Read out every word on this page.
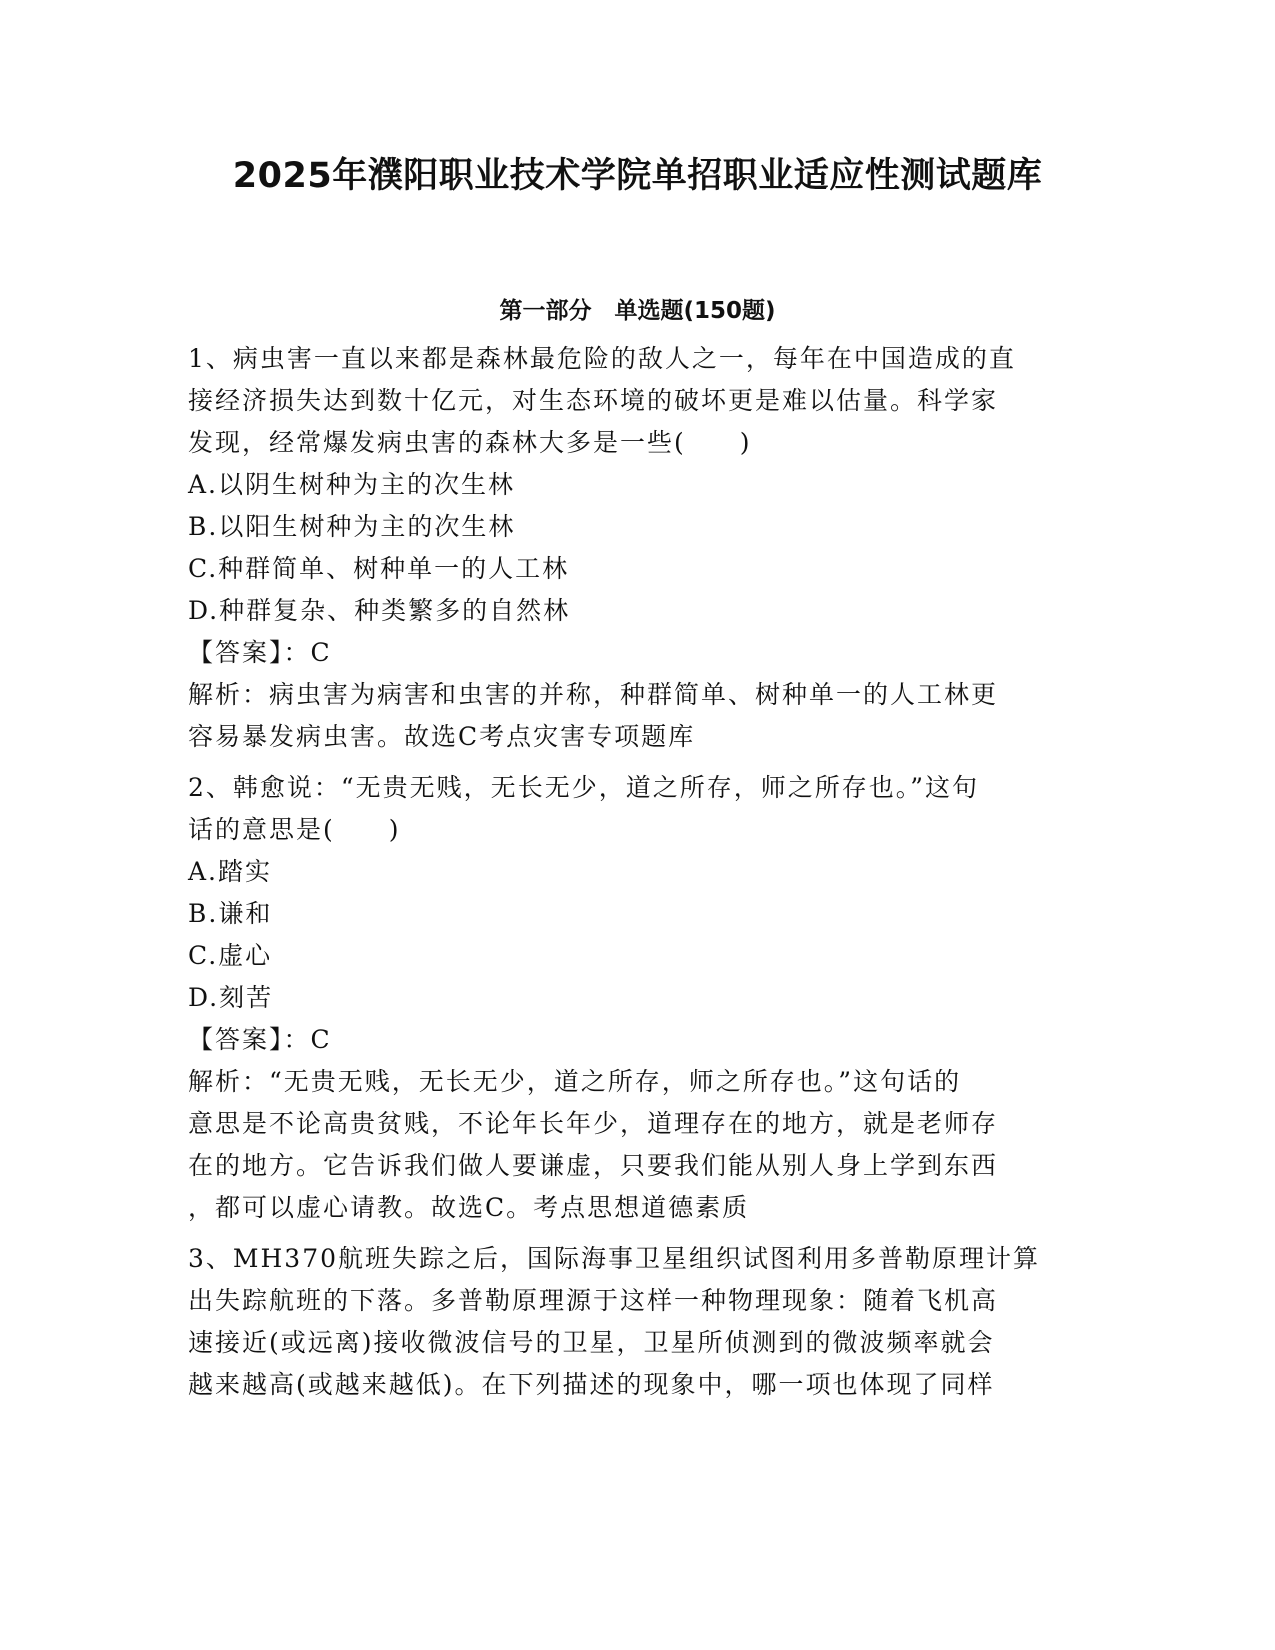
2025年濮阳职业技术学院单招职业适应性测试题库
第一部分　单选题(150题)
1、病虫害一直以来都是森林最危险的敌人之一，每年在中国造成的直
接经济损失达到数十亿元，对生态环境的破坏更是难以估量。科学家
发现，经常爆发病虫害的森林大多是一些(　　)
A.以阴生树种为主的次生林
B.以阳生树种为主的次生林
C.种群简单、树种单一的人工林
D.种群复杂、种类繁多的自然林
【答案】：C
解析：病虫害为病害和虫害的并称，种群简单、树种单一的人工林更
容易暴发病虫害。故选C考点灾害专项题库
2、韩愈说：“无贵无贱，无长无少，道之所存，师之所存也。”这句
话的意思是(　　)
A.踏实
B.谦和
C.虚心
D.刻苦
【答案】：C
解析：“无贵无贱，无长无少，道之所存，师之所存也。”这句话的
意思是不论高贵贫贱，不论年长年少，道理存在的地方，就是老师存
在的地方。它告诉我们做人要谦虚，只要我们能从别人身上学到东西
，都可以虚心请教。故选C。考点思想道德素质
3、MH370航班失踪之后，国际海事卫星组织试图利用多普勒原理计算
出失踪航班的下落。多普勒原理源于这样一种物理现象：随着飞机高
速接近(或远离)接收微波信号的卫星，卫星所侦测到的微波频率就会
越来越高(或越来越低)。在下列描述的现象中，哪一项也体现了同样
